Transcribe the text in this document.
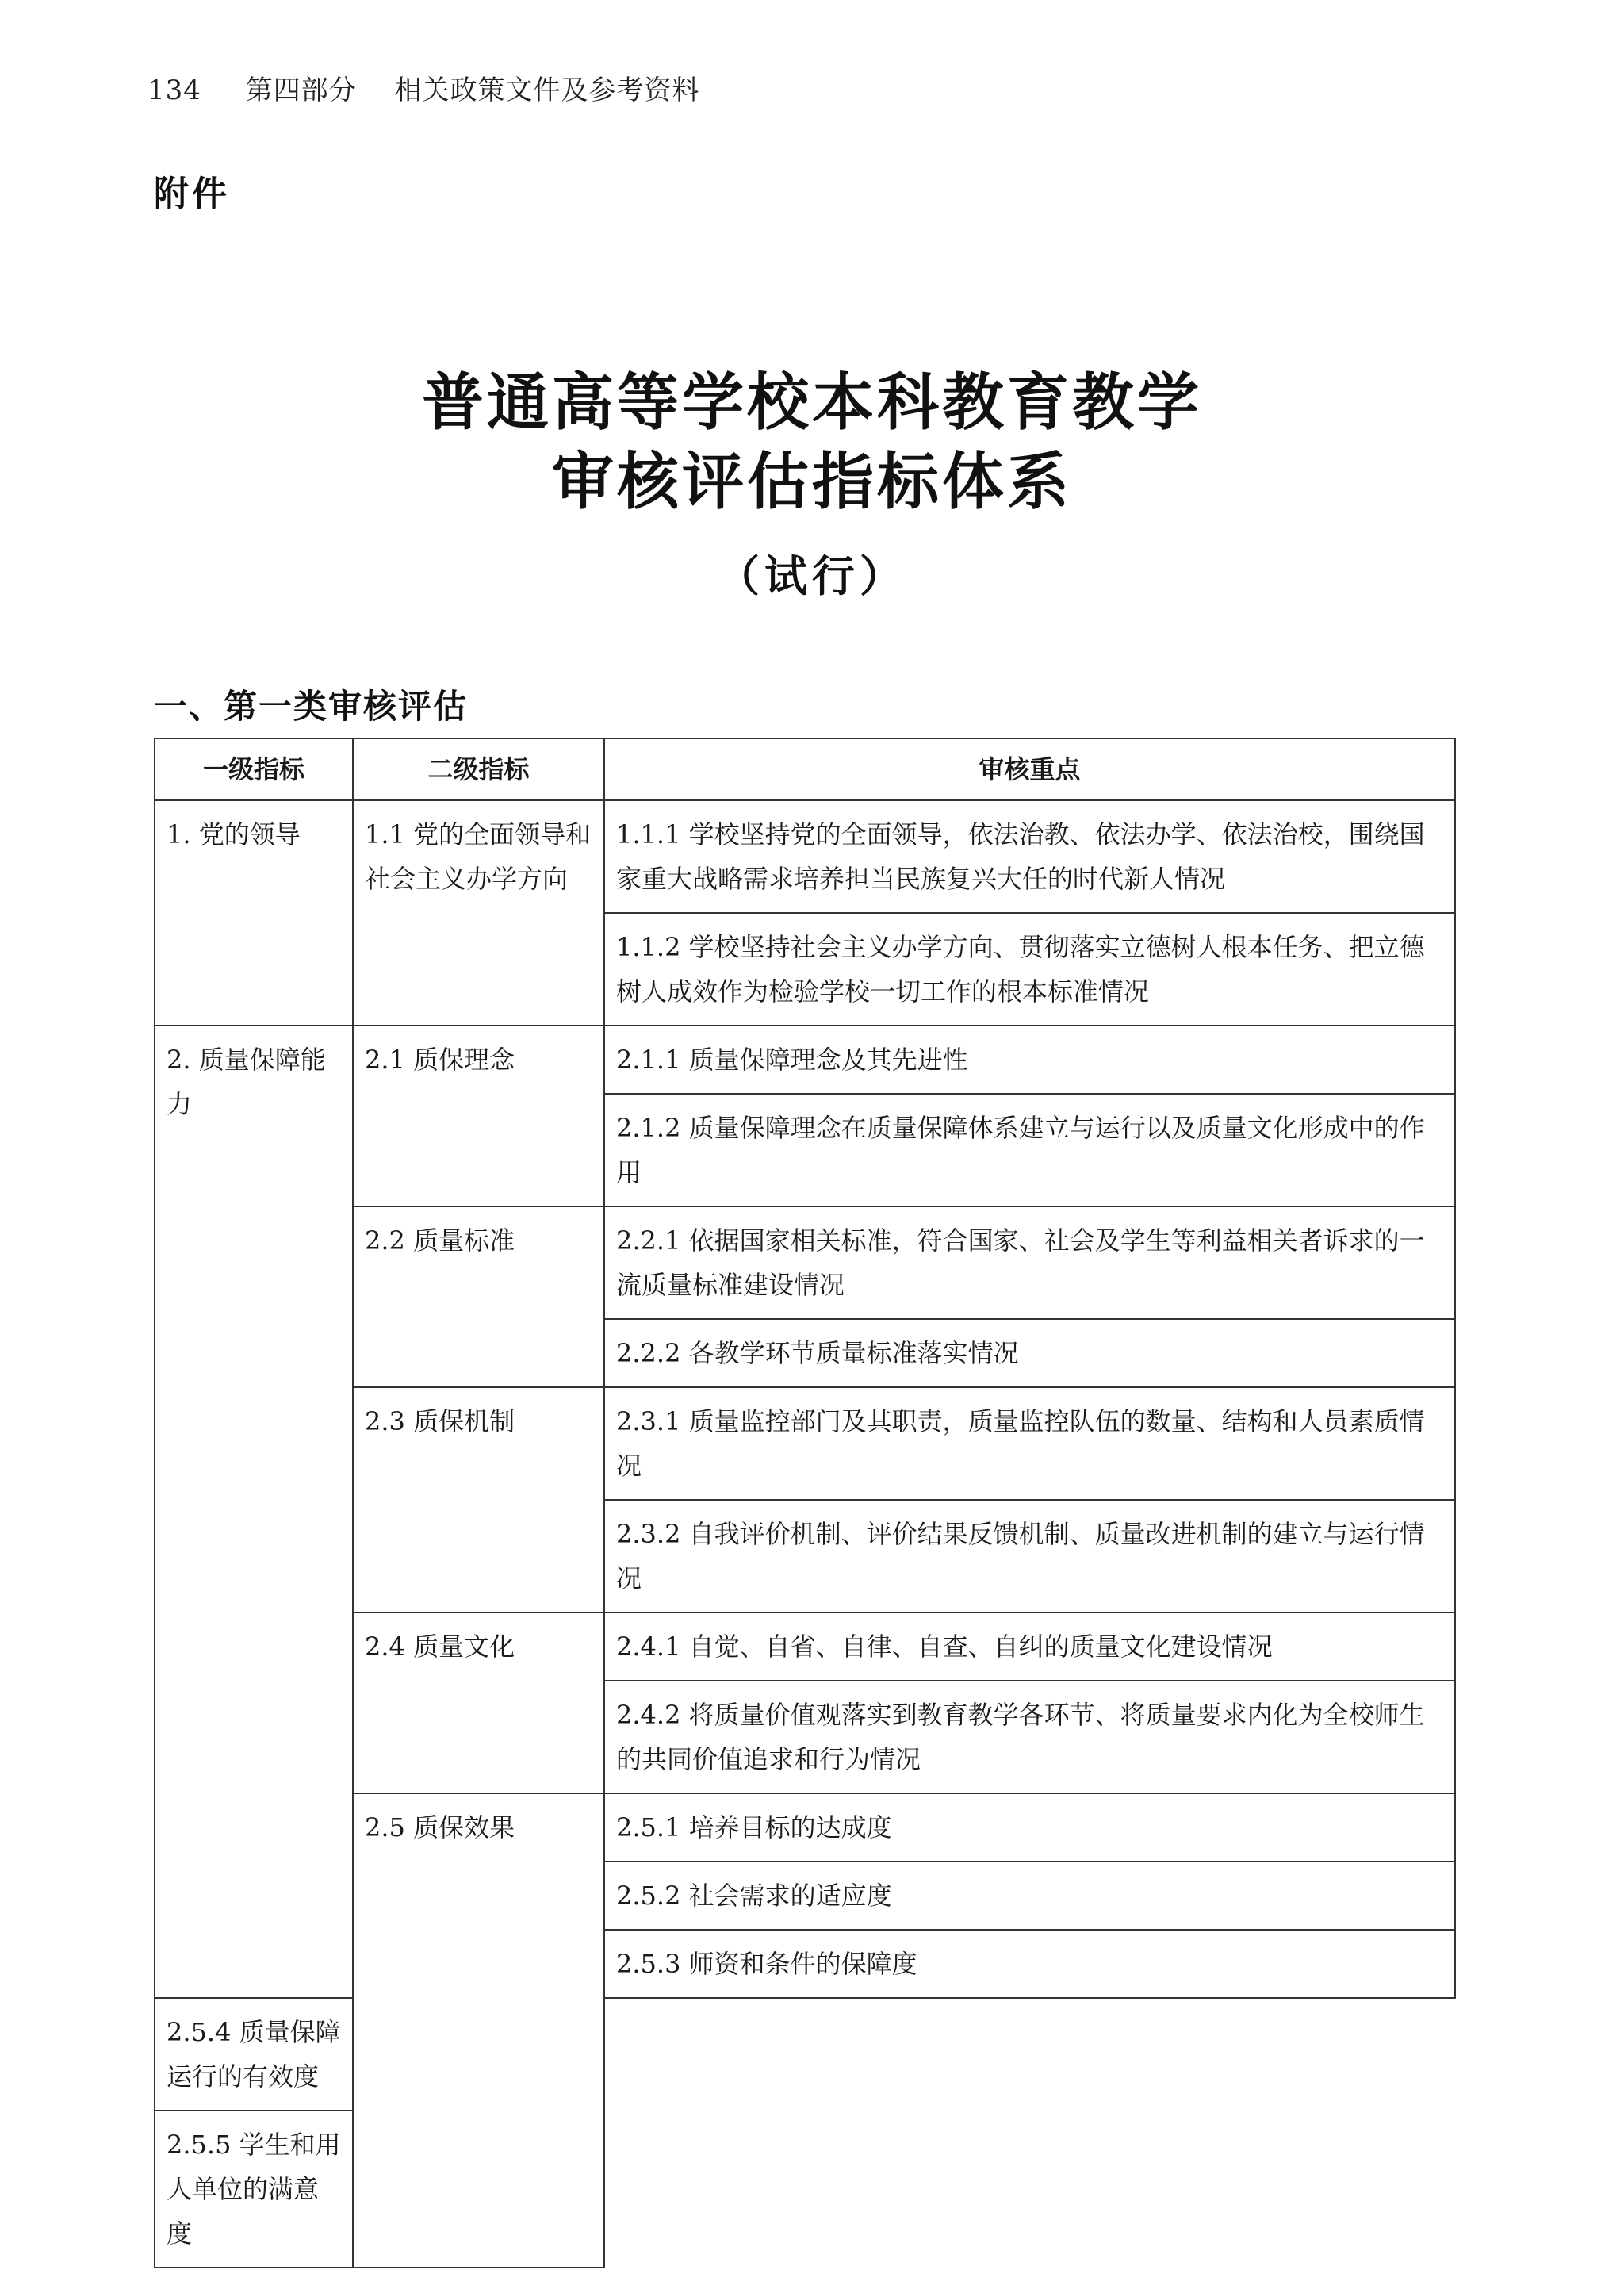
134 第四部分 相关政策文件及参考资料
附件
普通高等学校本科教育教学
审核评估指标体系
（试行）
一、第一类审核评估
一级指标	二级指标	审核重点
1. 党的领导	1.1 党的全面领导和社会主义办学方向	1.1.1 学校坚持党的全面领导，依法治教、依法办学、依法治校，围绕国家重大战略需求培养担当民族复兴大任的时代新人情况
		1.1.2 学校坚持社会主义办学方向、贯彻落实立德树人根本任务、把立德树人成效作为检验学校一切工作的根本标准情况
2. 质量保障能力	2.1 质保理念	2.1.1 质量保障理念及其先进性
		2.1.2 质量保障理念在质量保障体系建立与运行以及质量文化形成中的作用
	2.2 质量标准	2.2.1 依据国家相关标准，符合国家、社会及学生等利益相关者诉求的一流质量标准建设情况
		2.2.2 各教学环节质量标准落实情况
	2.3 质保机制	2.3.1 质量监控部门及其职责，质量监控队伍的数量、结构和人员素质情况
		2.3.2 自我评价机制、评价结果反馈机制、质量改进机制的建立与运行情况
	2.4 质量文化	2.4.1 自觉、自省、自律、自查、自纠的质量文化建设情况
		2.4.2 将质量价值观落实到教育教学各环节、将质量要求内化为全校师生的共同价值追求和行为情况
	2.5 质保效果	2.5.1 培养目标的达成度
		2.5.2 社会需求的适应度
		2.5.3 师资和条件的保障度
2.5.4 质量保障运行的有效度		
2.5.5 学生和用人单位的满意度		
